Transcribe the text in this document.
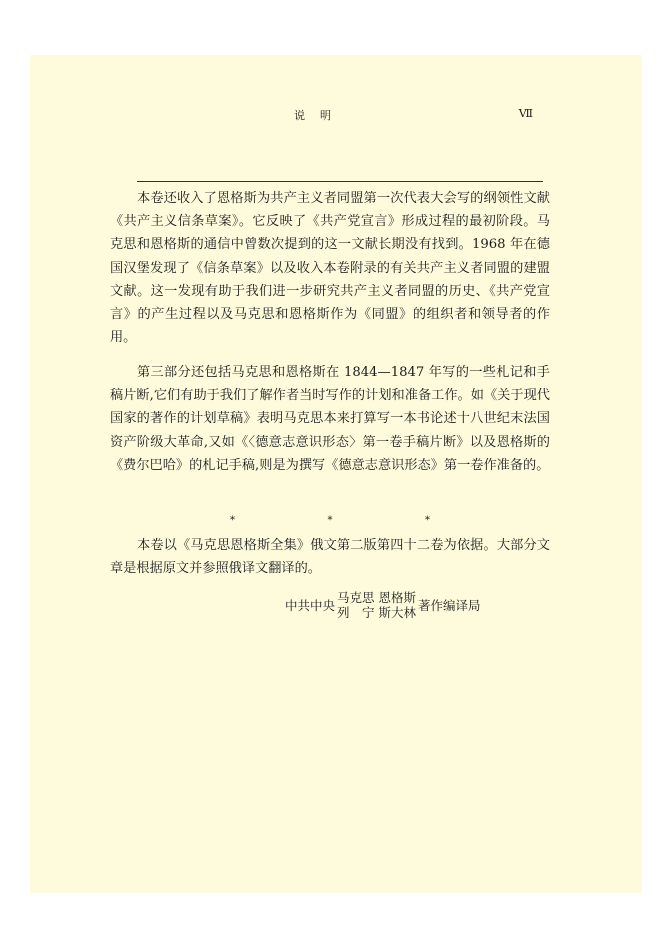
说明	Ⅶ

本卷还收入了恩格斯为共产主义者同盟第一次代表大会写的纲领性文献《共产主义信条草案》。它反映了《共产党宣言》形成过程的最初阶段。马克思和恩格斯的通信中曾数次提到的这一文献长期没有找到。1968 年在德国汉堡发现了《信条草案》以及收入本卷附录的有关共产主义者同盟的建盟文献。这一发现有助于我们进一步研究共产主义者同盟的历史、《共产党宣言》的产生过程以及马克思和恩格斯作为《同盟》的组织者和领导者的作用。

第三部分还包括马克思和恩格斯在 1844—1847 年写的一些札记和手稿片断,它们有助于我们了解作者当时写作的计划和准备工作。如《关于现代国家的著作的计划草稿》表明马克思本来打算写一本书论述十八世纪末法国资产阶级大革命,又如《〈德意志意识形态〉第一卷手稿片断》以及恩格斯的《费尔巴哈》的札记手稿,则是为撰写《德意志意识形态》第一卷作准备的。

*	*	*

本卷以《马克思恩格斯全集》俄文第二版第四十二卷为依据。大部分文章是根据原文并参照俄译文翻译的。

中共中央
马克思
列　宁
恩格斯
斯大林 著作编译局
